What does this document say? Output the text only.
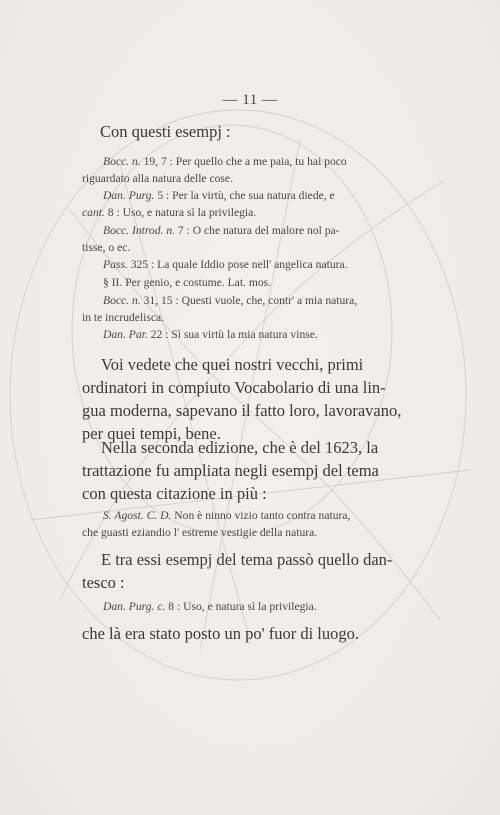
— 11 —
Con questi esempj :
Bocc. n. 19, 7 : Per quello che a me paia, tu hai poco
riguardato alla natura delle cose.
Dan. Purg. 5 : Per la virtù, che sua natura diede, e
cant. 8 : Uso, e natura sì la privilegia.
Bocc. Introd. n. 7 : O che natura del malore nol pa-
tisse, o ec.
Pass. 325 : La quale Iddio pose nell' angelica natura.
§ II. Per genio, e costume. Lat. mos.
Bocc. n. 31, 15 : Questi vuole, che, contr' a mia natura,
in te incrudelisca.
Dan. Par. 22 : Sì sua virtù la mia natura vinse.
Voi vedete che quei nostri vecchi, primi
ordinatori in compiuto Vocabolario di una lin-
gua moderna, sapevano il fatto loro, lavoravano,
per quei tempi, bene.
Nella seconda edizione, che è del 1623, la
trattazione fu ampliata negli esempj del tema
con questa citazione in più :
S. Agost. C. D. Non è ninno vizio tanto contra natura,
che guasti eziandio l' estreme vestigie della natura.
E tra essi esempj del tema passò quello dan-
tesco :
Dan. Purg. c. 8 : Uso, e natura sì la privilegia.
che là era stato posto un po' fuor di luogo.
